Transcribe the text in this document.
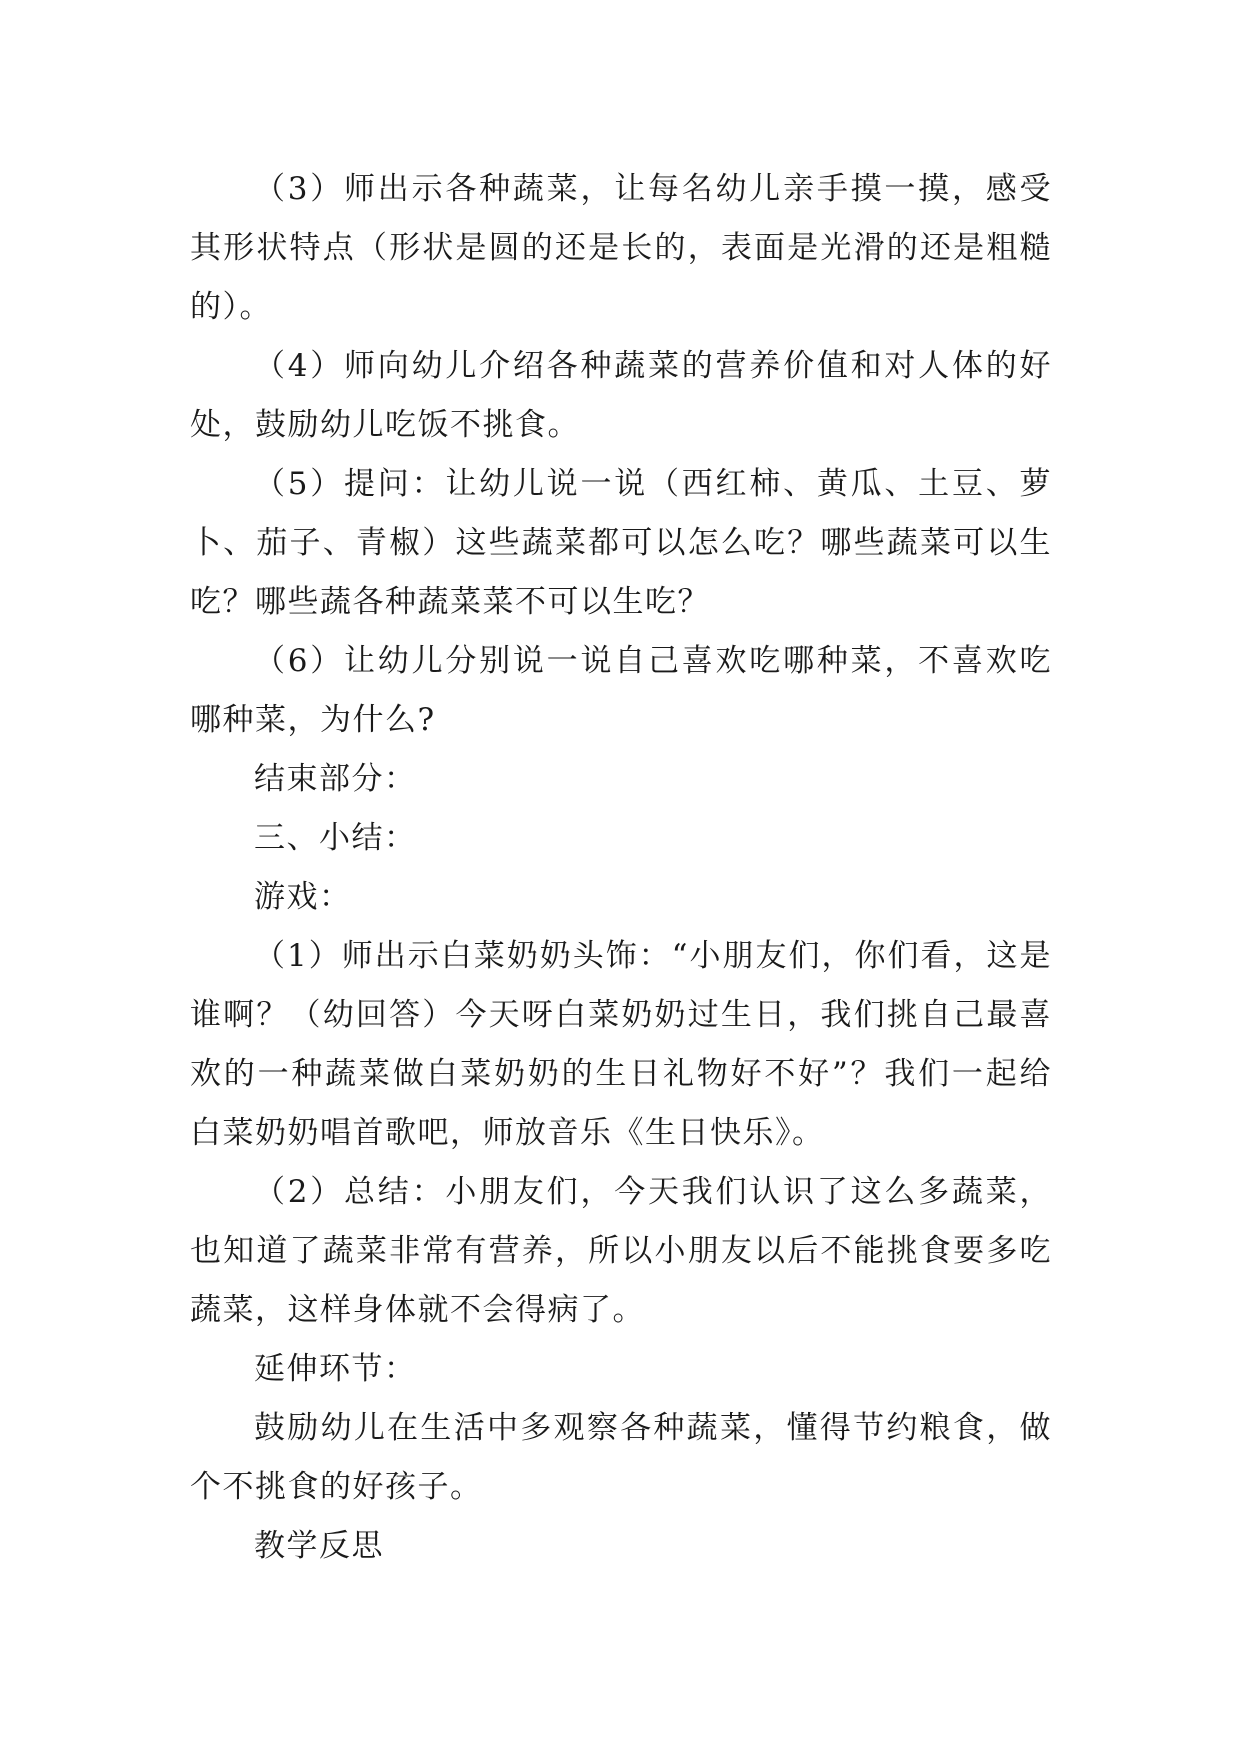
（3）师出示各种蔬菜，让每名幼儿亲手摸一摸，感受其形状特点（形状是圆的还是长的，表面是光滑的还是粗糙的）。

（4）师向幼儿介绍各种蔬菜的营养价值和对人体的好处，鼓励幼儿吃饭不挑食。

（5）提问：让幼儿说一说（西红柿、黄瓜、土豆、萝卜、茄子、青椒）这些蔬菜都可以怎么吃？哪些蔬菜可以生吃？哪些蔬各种蔬菜菜不可以生吃？

（6）让幼儿分别说一说自己喜欢吃哪种菜，不喜欢吃哪种菜，为什么?

结束部分：

三、小结：

游戏：

（1）师出示白菜奶奶头饰：“小朋友们，你们看，这是谁啊？（幼回答）今天呀白菜奶奶过生日，我们挑自己最喜欢的一种蔬菜做白菜奶奶的生日礼物好不好”？我们一起给白菜奶奶唱首歌吧，师放音乐《生日快乐》。

（2）总结：小朋友们，今天我们认识了这么多蔬菜，也知道了蔬菜非常有营养，所以小朋友以后不能挑食要多吃蔬菜，这样身体就不会得病了。

延伸环节：

鼓励幼儿在生活中多观察各种蔬菜，懂得节约粮食，做个不挑食的好孩子。

教学反思
